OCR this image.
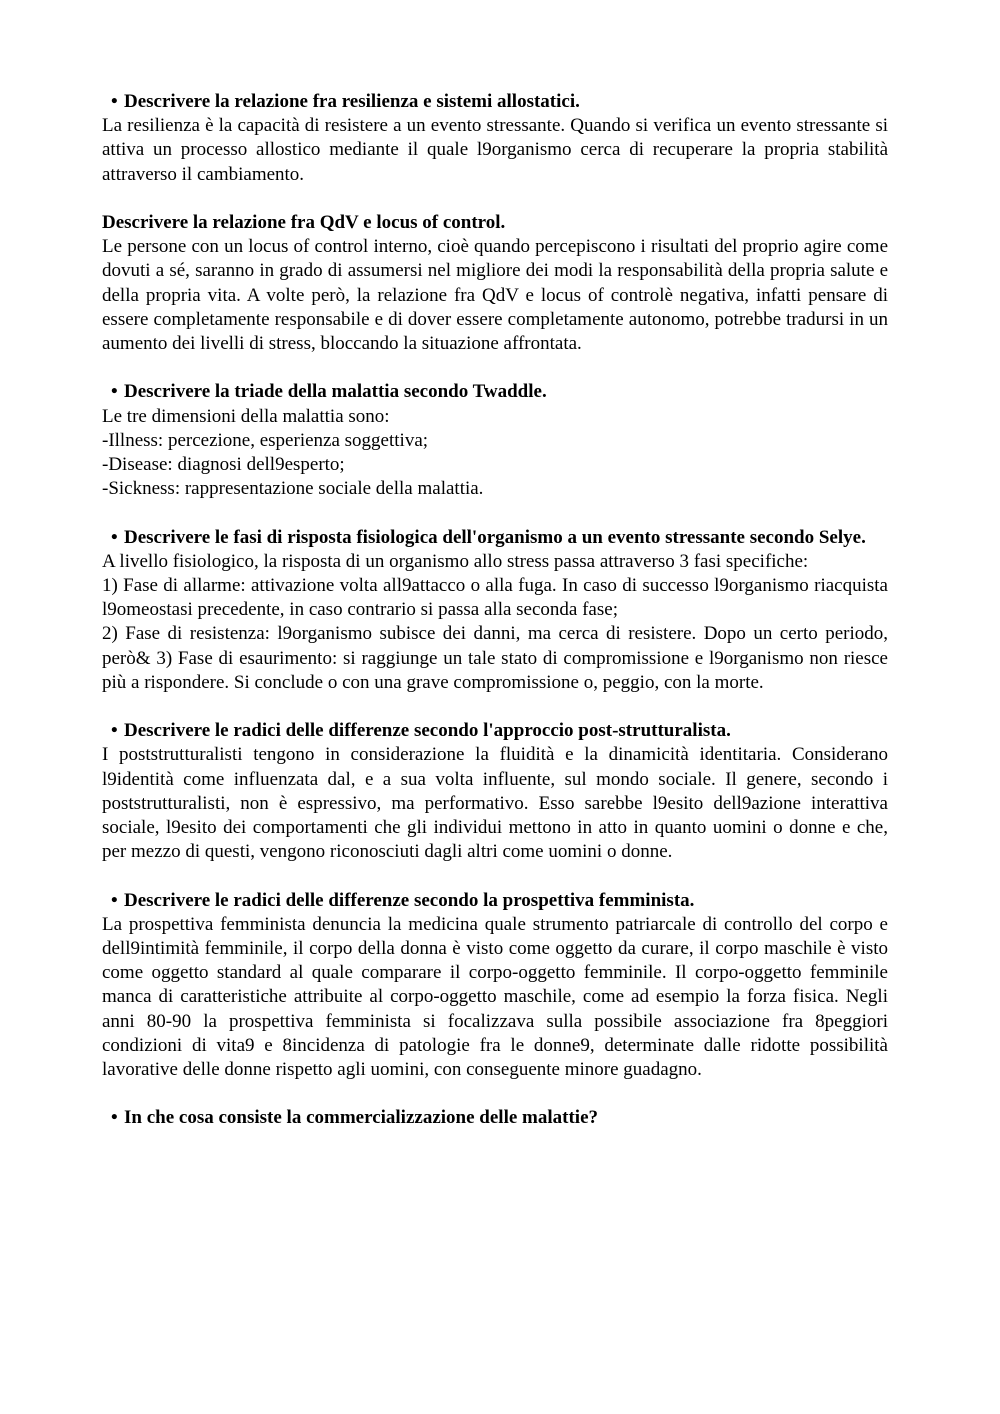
• Descrivere la relazione fra resilienza e sistemi allostatici.

La resilienza è la capacità di resistere a un evento stressante. Quando si verifica un evento stressante si attiva un processo allostico mediante il quale l9organismo cerca di recuperare la propria stabilità attraverso il cambiamento.

Descrivere la relazione fra QdV e locus of control.

Le persone con un locus of control interno, cioè quando percepiscono i risultati del proprio agire come dovuti a sé, saranno in grado di assumersi nel migliore dei modi la responsabilità della propria salute e della propria vita. A volte però, la relazione fra QdV e locus of controlè negativa, infatti pensare di essere completamente responsabile e di dover essere completamente autonomo, potrebbe tradursi in un aumento dei livelli di stress, bloccando la situazione affrontata.

• Descrivere la triade della malattia secondo Twaddle.

Le tre dimensioni della malattia sono:

-Illness: percezione, esperienza soggettiva;

-Disease: diagnosi dell9esperto;

-Sickness: rappresentazione sociale della malattia.

• Descrivere le fasi di risposta fisiologica dell'organismo a un evento stressante secondo Selye.

A livello fisiologico, la risposta di un organismo allo stress passa attraverso 3 fasi specifiche:

1) Fase di allarme: attivazione volta all9attacco o alla fuga. In caso di successo l9organismo riacquista l9omeostasi precedente, in caso contrario si passa alla seconda fase;

2) Fase di resistenza: l9organismo subisce dei danni, ma cerca di resistere. Dopo un certo periodo, però& 3) Fase di esaurimento: si raggiunge un tale stato di compromissione e l9organismo non riesce più a rispondere. Si conclude o con una grave compromissione o, peggio, con la morte.

• Descrivere le radici delle differenze secondo l'approccio post-strutturalista.

I poststrutturalisti tengono in considerazione la fluidità e la dinamicità identitaria. Considerano l9identità come influenzata dal, e a sua volta influente, sul mondo sociale. Il genere, secondo i poststrutturalisti, non è espressivo, ma performativo. Esso sarebbe l9esito dell9azione interattiva sociale, l9esito dei comportamenti che gli individui mettono in atto in quanto uomini o donne e che, per mezzo di questi, vengono riconosciuti dagli altri come uomini o donne.

• Descrivere le radici delle differenze secondo la prospettiva femminista.

La prospettiva femminista denuncia la medicina quale strumento patriarcale di controllo del corpo e dell9intimità femminile, il corpo della donna è visto come oggetto da curare, il corpo maschile è visto come oggetto standard al quale comparare il corpo-oggetto femminile. Il corpo-oggetto femminile manca di caratteristiche attribuite al corpo-oggetto maschile, come ad esempio la forza fisica. Negli anni 80-90 la prospettiva femminista si focalizzava sulla possibile associazione fra 8peggiori condizioni di vita9 e 8incidenza di patologie fra le donne9, determinate dalle ridotte possibilità lavorative delle donne rispetto agli uomini, con conseguente minore guadagno.

• In che cosa consiste la commercializzazione delle malattie?
